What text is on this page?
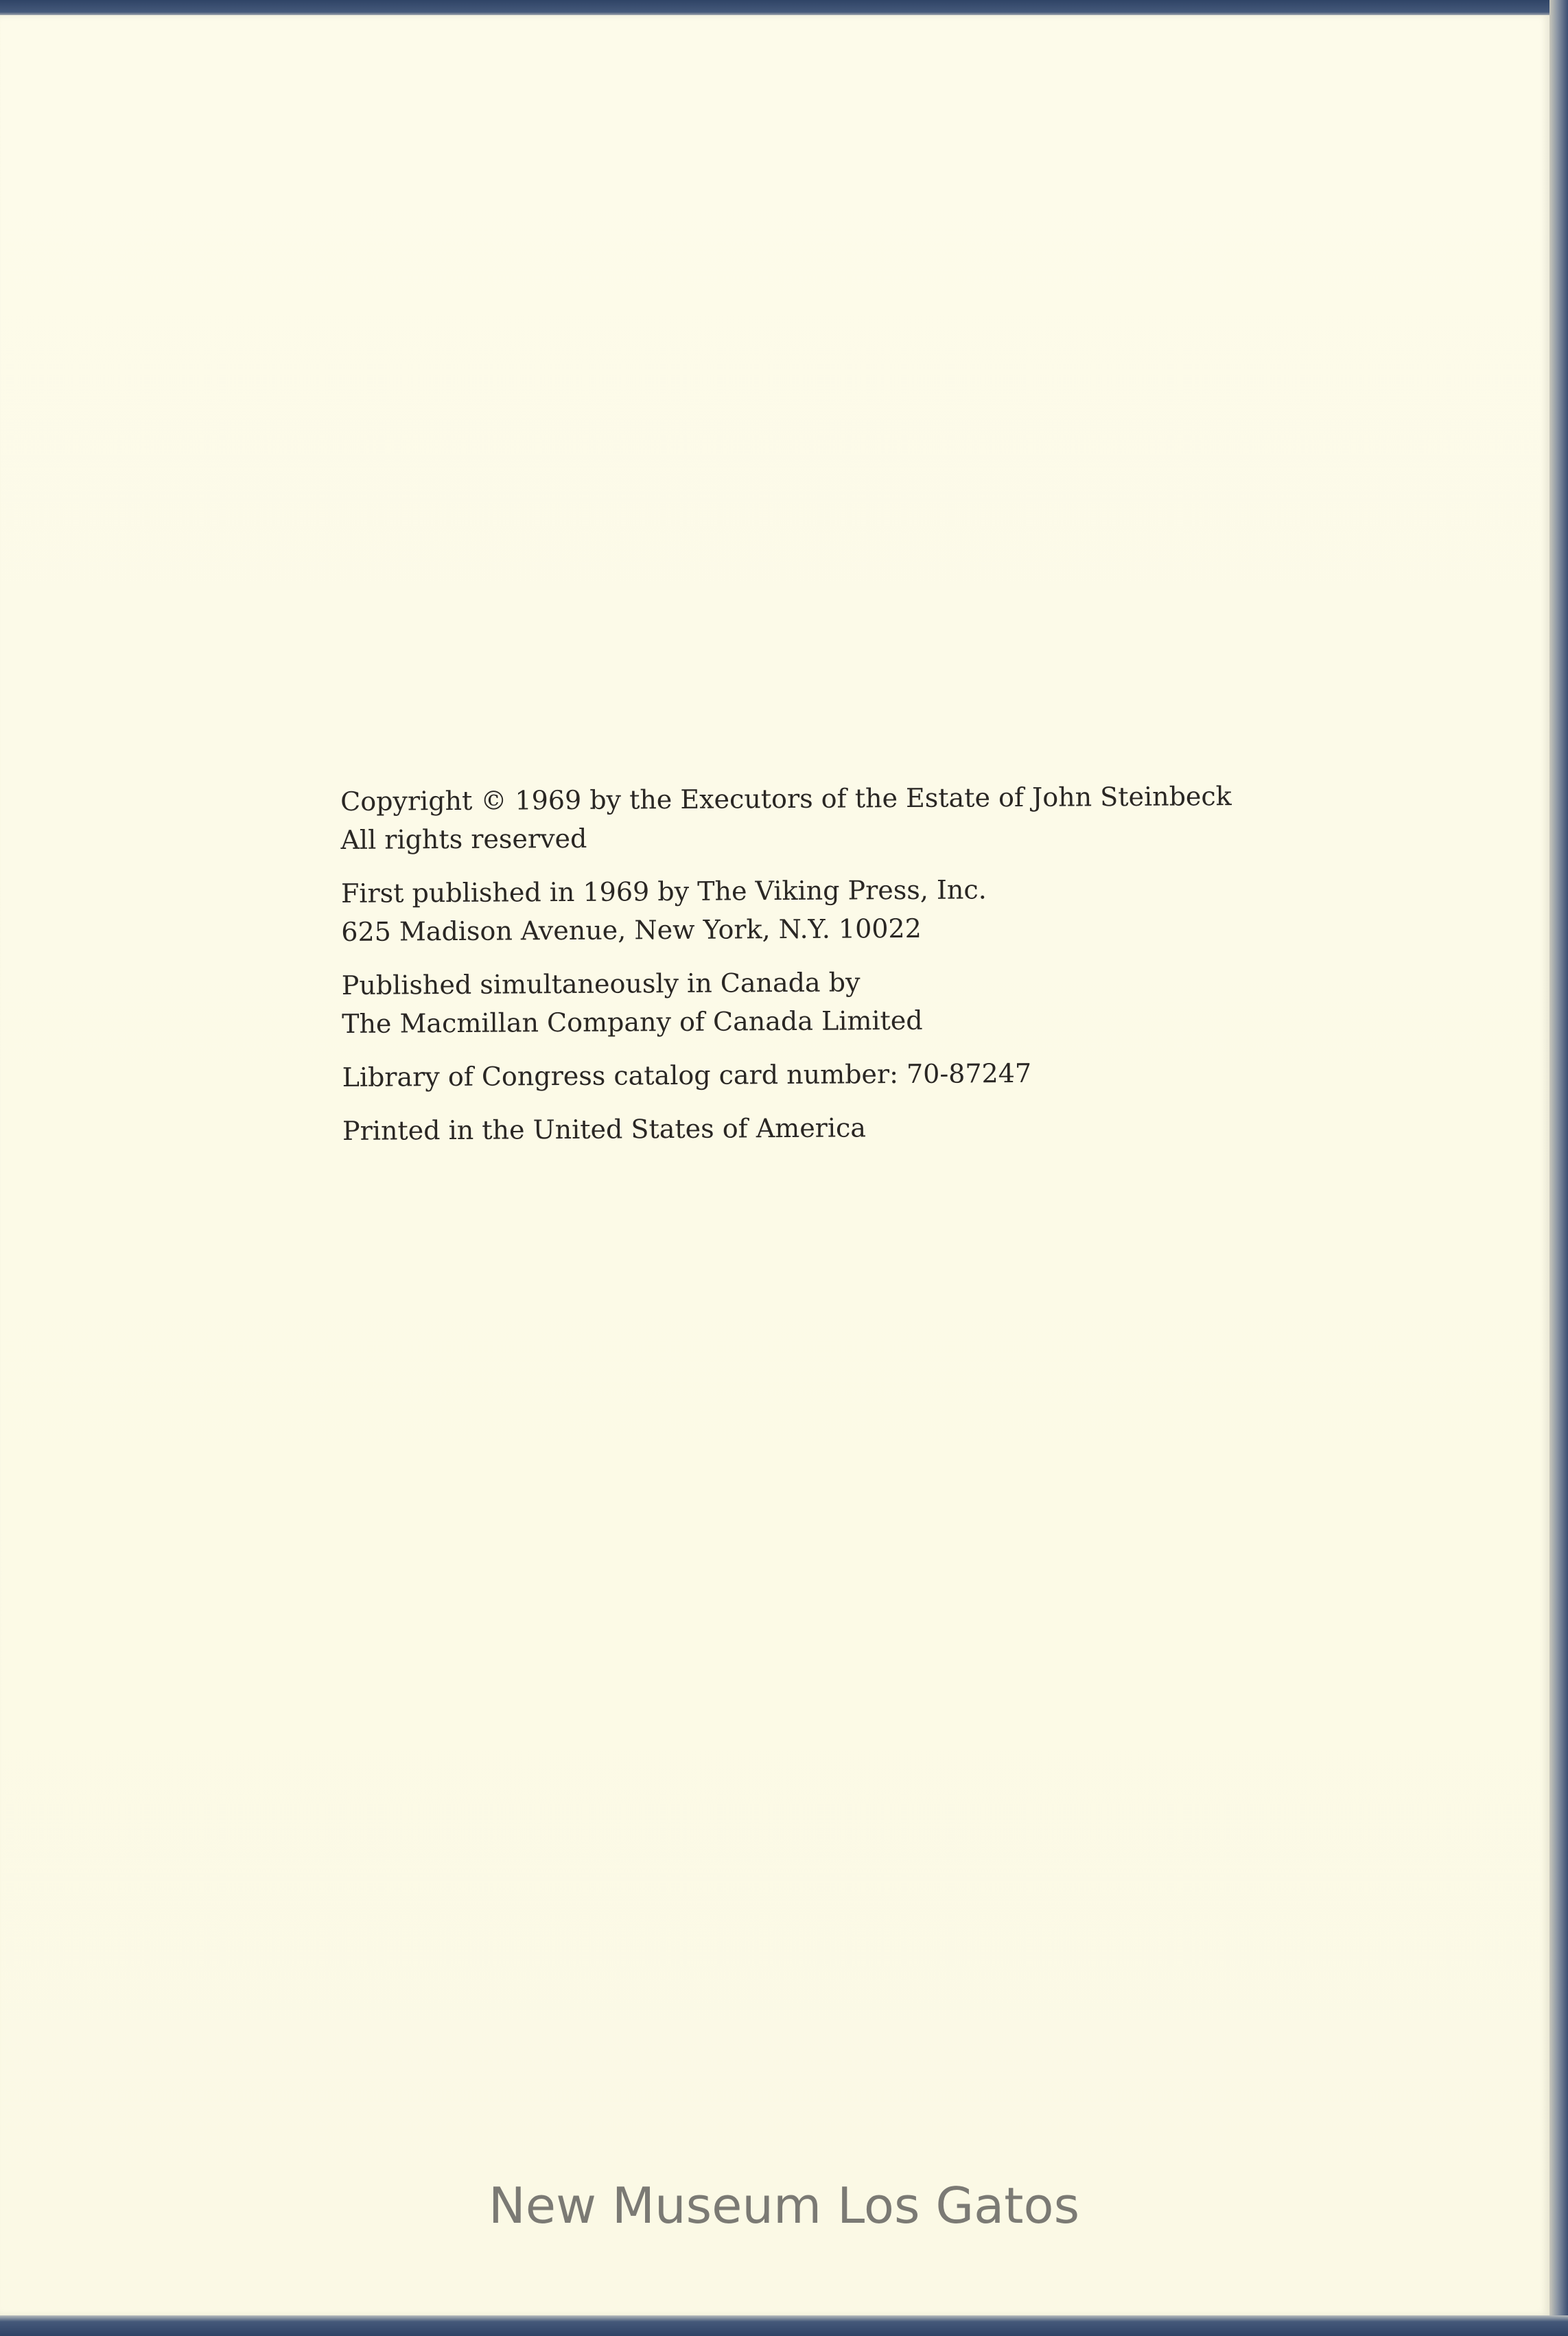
Copyright © 1969 by the Executors of the Estate of John Steinbeck

All rights reserved

First published in 1969 by The Viking Press, Inc.

625 Madison Avenue, New York, N.Y. 10022

Published simultaneously in Canada by

The Macmillan Company of Canada Limited

Library of Congress catalog card number: 70-87247

Printed in the United States of America

New Museum Los Gatos
